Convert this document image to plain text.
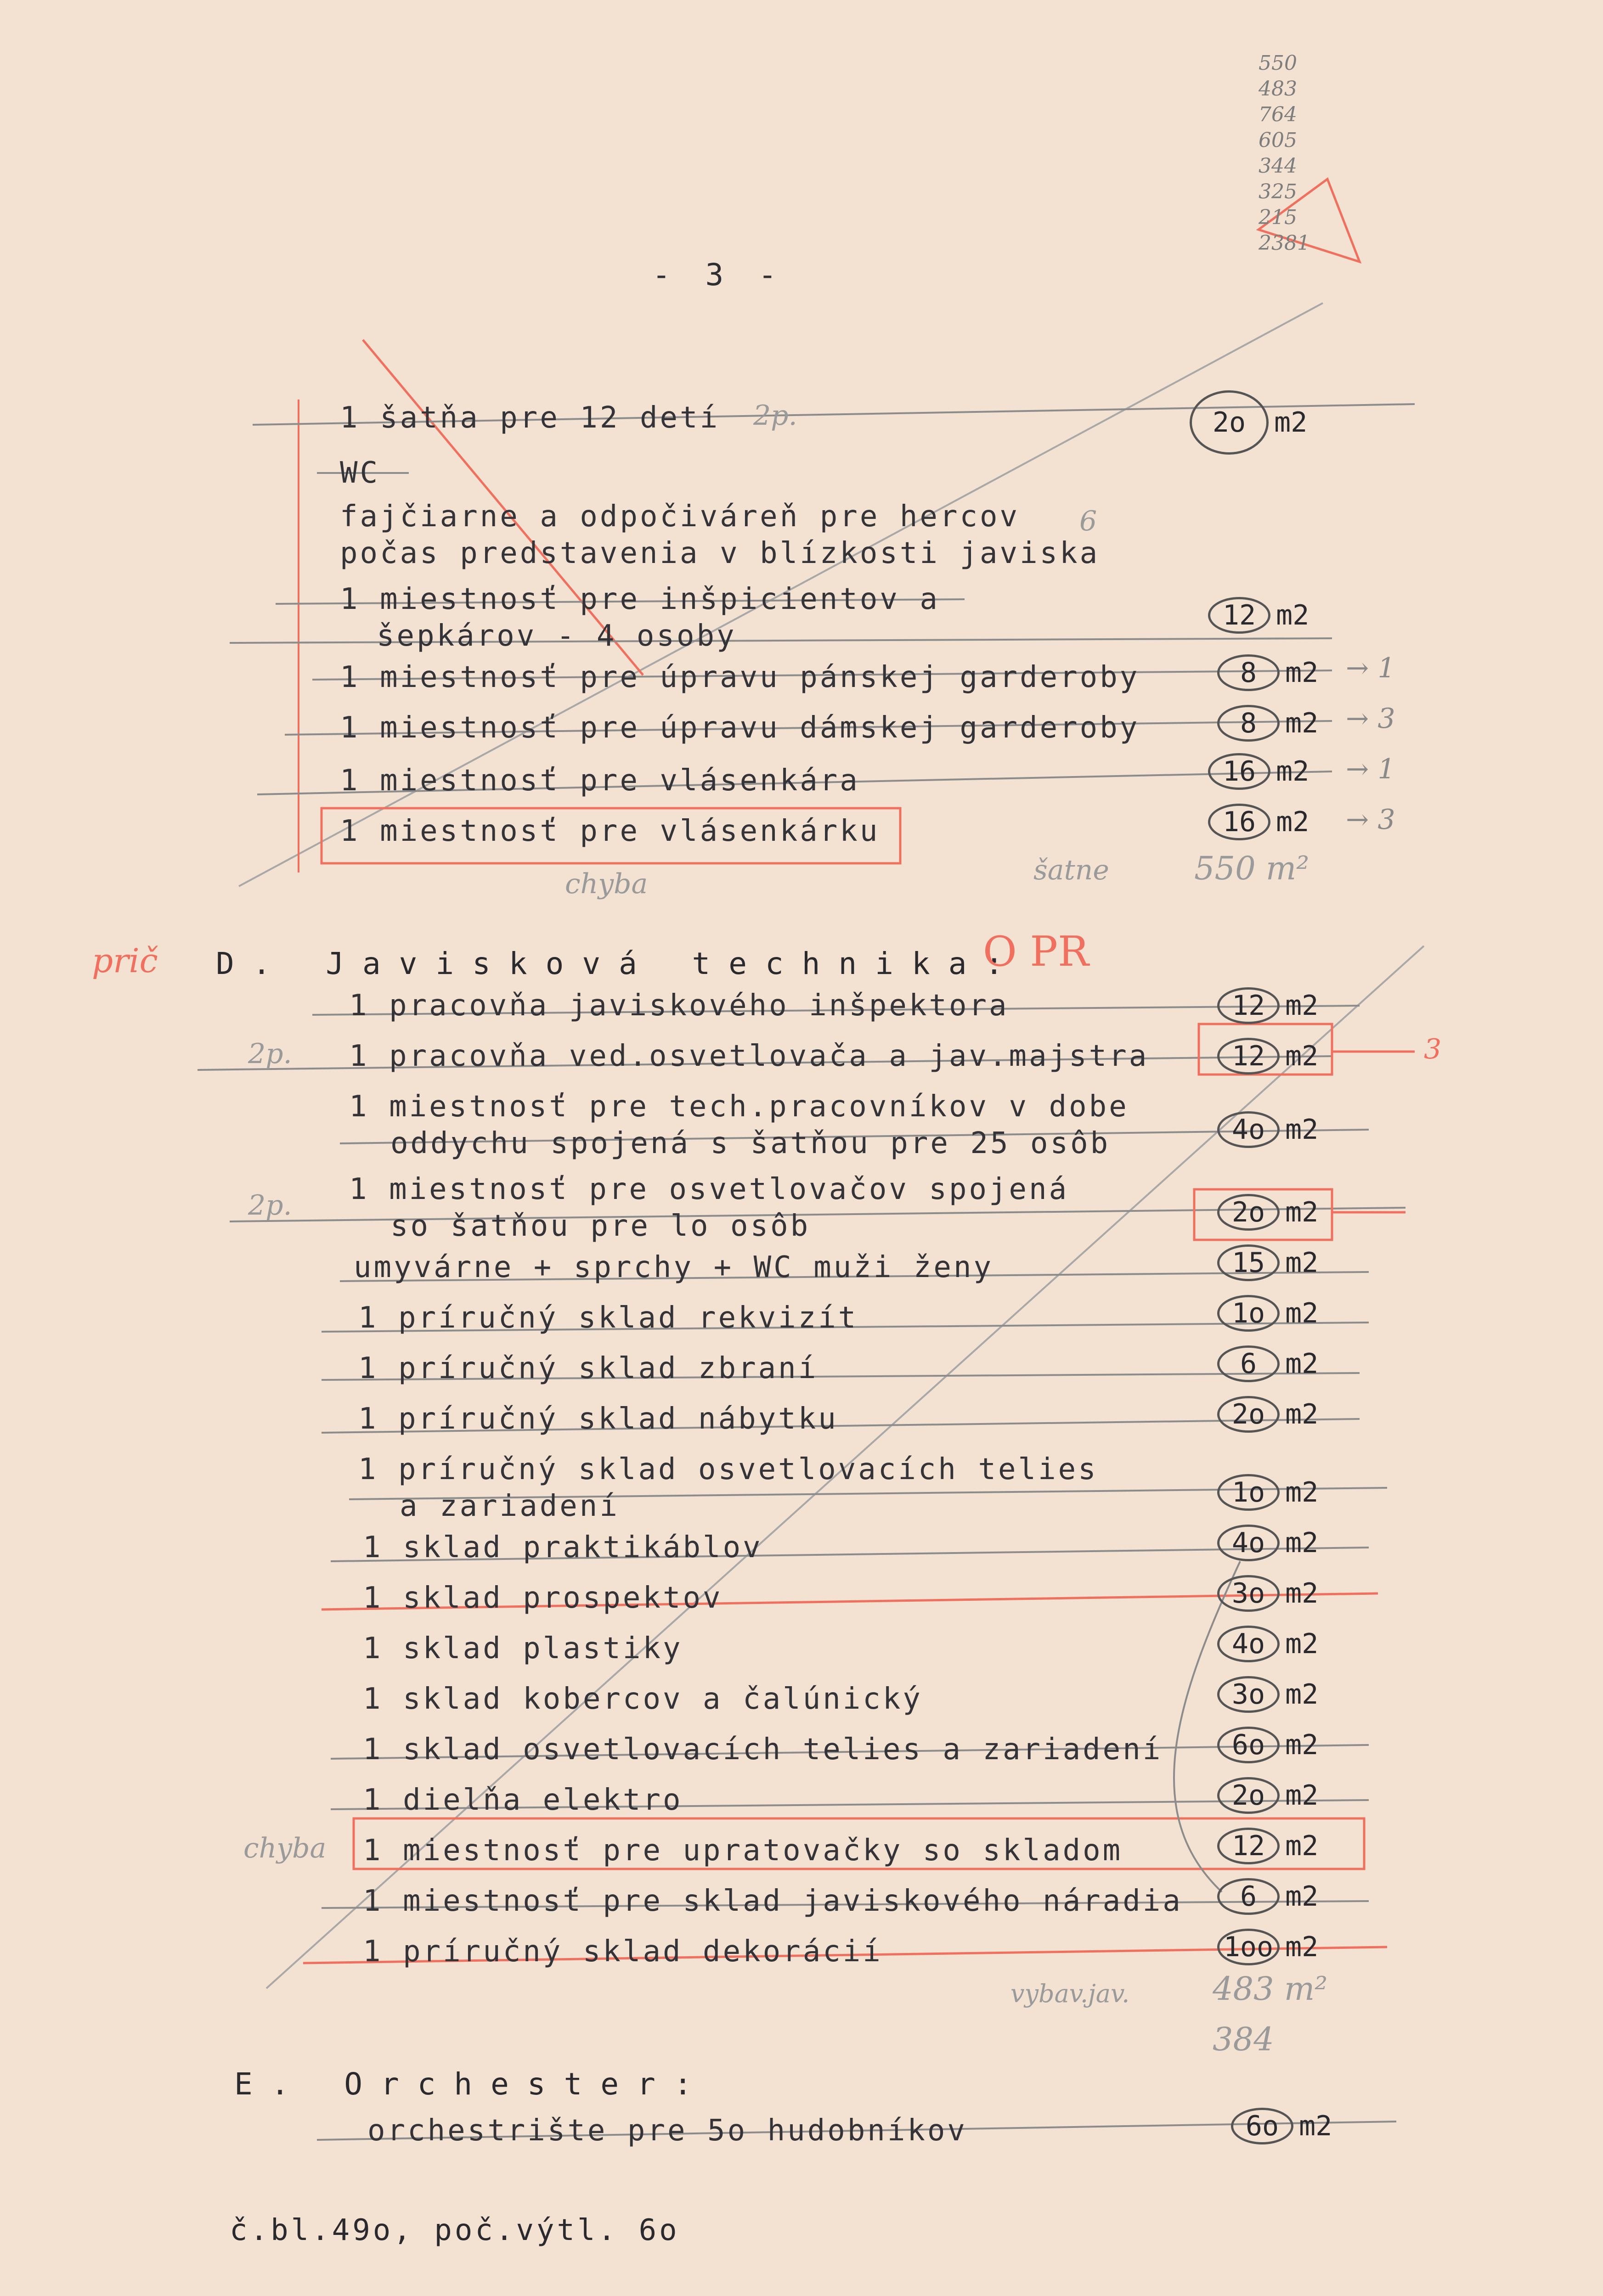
550
483
764
605
344
325
215
2381
- 3 -
1 šatňa pre 12 detí 2p.	2o m2
WC
fajčiarne a odpočiváreň pre hercov
počas predstavenia v blízkosti javiska
6
1 miestnosť pre inšpicientov a
šepkárov - 4 osoby
12 m2
1 miestnosť pre úpravu pánskej garderoby	8 m2 → 1
1 miestnosť pre úpravu dámskej garderoby	8 m2 → 3
1 miestnosť pre vlásenkára	16 m2 → 1
1 miestnosť pre vlásenkárku	16 m2 → 3
chyba	šatne	550 m²
prič D. Javisková technika:
O PR
1 pracovňa javiskového inšpektora	12 m2
1 pracovňa ved.osvetlovača a jav.majstra
2p.	12 m2	3
1 miestnosť pre tech.pracovníkov v dobe
oddychu spojená s šatňou pre 25 osôb	4o m2
1 miestnosť pre osvetlovačov spojená
so šatňou pre lo osôb
2p.	2o m2
umyvárne + sprchy + WC muži ženy	15 m2
1 príručný sklad rekvizít	1o m2
1 príručný sklad zbraní	6 m2
1 príručný sklad nábytku	2o m2
1 príručný sklad osvetlovacích telies
a zariadení	1o m2
1 sklad praktikáblov	4o m2
1 sklad prospektov	3o m2
1 sklad plastiky	4o m2
1 sklad kobercov a čalúnický	3o m2
1 sklad osvetlovacích telies a zariadení	6o m2
1 dielňa elektro	2o m2
1 miestnosť pre upratovačky so skladom
chyba	12 m2
1 miestnosť pre sklad javiskového náradia	6 m2
1 príručný sklad dekorácií	1oo m2
vybav.jav.	483 m²
384
E. Orchester:
orchestrište pre 5o hudobníkov	6o m2
č.bl.49o, poč.výtl. 6o
